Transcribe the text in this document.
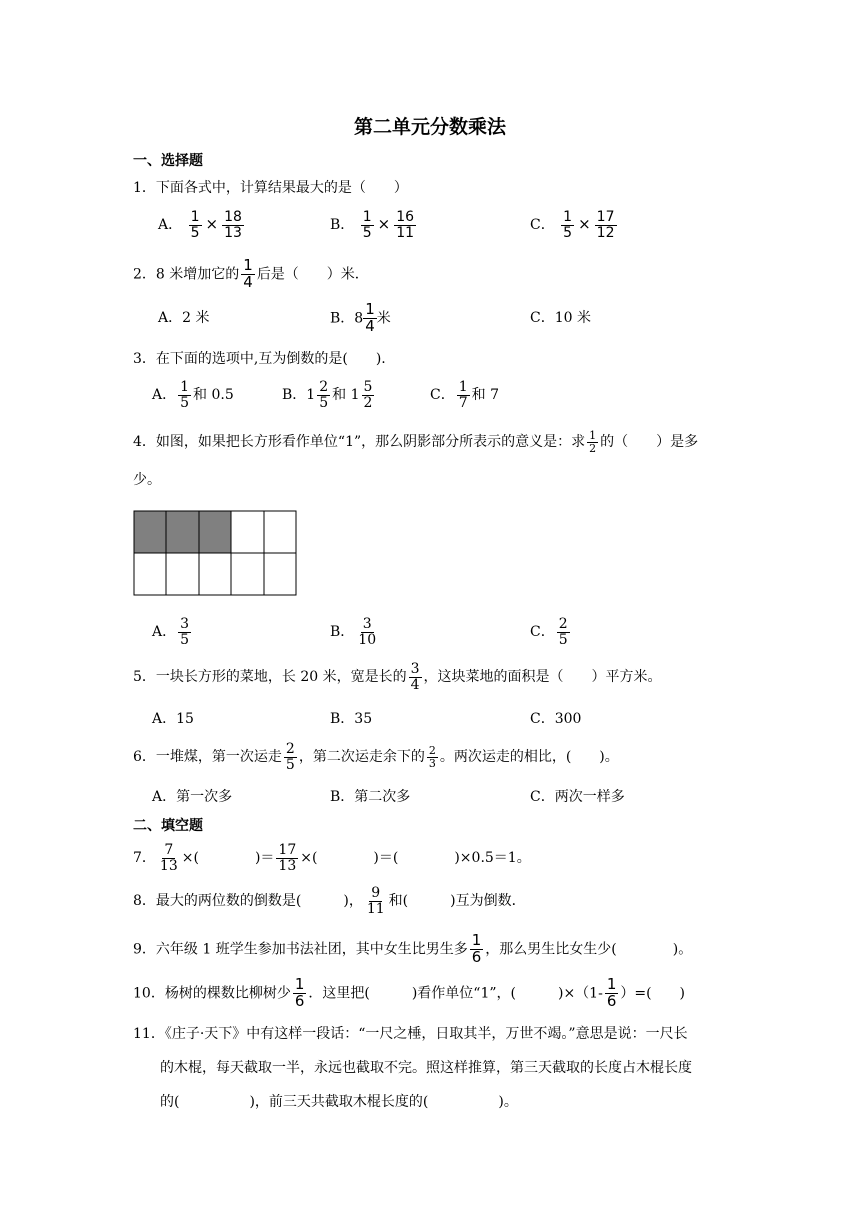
第二单元分数乘法
一、选择题
1．下面各式中，计算结果最大的是（　　）
A． $\frac{1}{5} \times \frac{18}{13}$	B． $\frac{1}{5} \times \frac{16}{11}$	C． $\frac{1}{5} \times \frac{17}{12}$
2．8 米增加它的 $\frac{1}{4}$ 后是（　　）米．
A．2 米	B．$8 \frac{1}{4}$ 米	C．10 米
3．在下面的选项中,互为倒数的是(　　).
A． $\frac{1}{5}$ 和 0.5	B．$1 \frac{2}{5}$ 和 $1 \frac{5}{2}$	C． $\frac{1}{7}$ 和 7
4．如图，如果把长方形看作单位“1”，那么阴影部分所表示的意义是：求 $\frac{1}{2}$ 的（　　）是多
少。
A． $\frac{3}{5}$	B． $\frac{3}{10}$	C． $\frac{2}{5}$
5．一块长方形的菜地，长 20 米，宽是长的 $\frac{3}{4}$ ，这块菜地的面积是（　　）平方米。
A．15	B．35	C．300
6．一堆煤，第一次运走 $\frac{2}{5}$ ，第二次运走余下的 $\frac{2}{3}$ 。两次运走的相比，(　　)。
A．第一次多	B．第二次多	C．两次一样多
二、填空题
7． $\frac{7}{13}$ ×(　　　　)＝ $\frac{17}{13}$ ×(　　　　)＝(　　　　)×0.5＝1。
8．最大的两位数的倒数是(　　　)， $\frac{9}{11}$ 和(　　　)互为倒数．
9．六年级 1 班学生参加书法社团，其中女生比男生多 $\frac{1}{6}$ ，那么男生比女生少(　　　　)。
10．杨树的棵数比柳树少 $\frac{1}{6}$ ．这里把(　　　)看作单位“1”，(　　　)$\times(1- \frac{1}{6}$ ）=(　　)
11．《庄子·天下》中有这样一段话：“一尺之棰，日取其半，万世不竭。”意思是说：一尺长
的木棍，每天截取一半，永远也截取不完。照这样推算，第三天截取的长度占木棍长度
的(　　　　　)，前三天共截取木棍长度的(　　　　　)。
